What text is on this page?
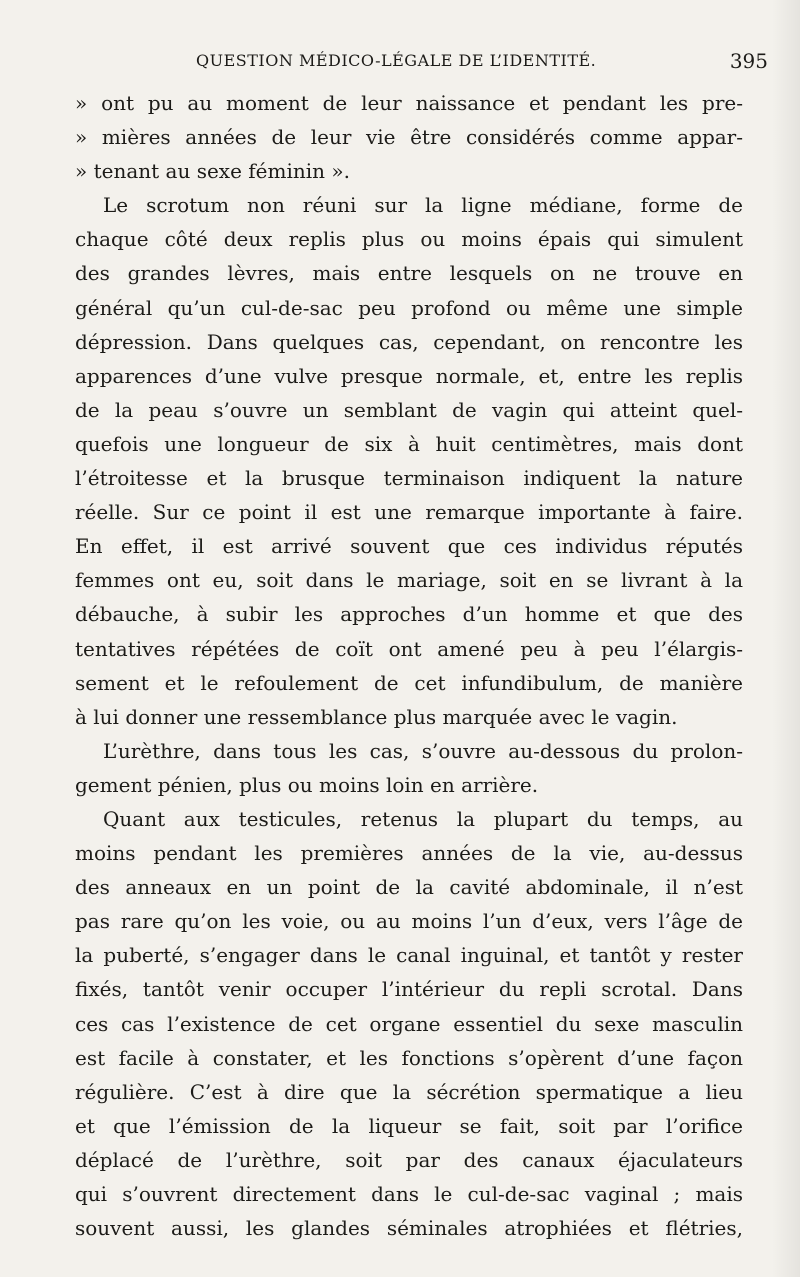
QUESTION MÉDICO-LÉGALE DE L’IDENTITÉ.	395
» ont pu au moment de leur naissance et pendant les pre-
» mières années de leur vie être considérés comme appar-
» tenant au sexe féminin ».
Le scrotum non réuni sur la ligne médiane, forme de
chaque côté deux replis plus ou moins épais qui simulent
des grandes lèvres, mais entre lesquels on ne trouve en
général qu’un cul-de-sac peu profond ou même une simple
dépression. Dans quelques cas, cependant, on rencontre les
apparences d’une vulve presque normale, et, entre les replis
de la peau s’ouvre un semblant de vagin qui atteint quel-
quefois une longueur de six à huit centimètres, mais dont
l’étroitesse et la brusque terminaison indiquent la nature
réelle. Sur ce point il est une remarque importante à faire.
En effet, il est arrivé souvent que ces individus réputés
femmes ont eu, soit dans le mariage, soit en se livrant à la
débauche, à subir les approches d’un homme et que des
tentatives répétées de coït ont amené peu à peu l’élargis-
sement et le refoulement de cet infundibulum, de manière
à lui donner une ressemblance plus marquée avec le vagin.
L’urèthre, dans tous les cas, s’ouvre au-dessous du prolon-
gement pénien, plus ou moins loin en arrière.
Quant aux testicules, retenus la plupart du temps, au
moins pendant les premières années de la vie, au-dessus
des anneaux en un point de la cavité abdominale, il n’est
pas rare qu’on les voie, ou au moins l’un d’eux, vers l’âge de
la puberté, s’engager dans le canal inguinal, et tantôt y rester
fixés, tantôt venir occuper l’intérieur du repli scrotal. Dans
ces cas l’existence de cet organe essentiel du sexe masculin
est facile à constater, et les fonctions s’opèrent d’une façon
régulière. C’est à dire que la sécrétion spermatique a lieu
et que l’émission de la liqueur se fait, soit par l’orifice
déplacé de l’urèthre, soit par des canaux éjaculateurs
qui s’ouvrent directement dans le cul-de-sac vaginal ; mais
souvent aussi, les glandes séminales atrophiées et flétries,
